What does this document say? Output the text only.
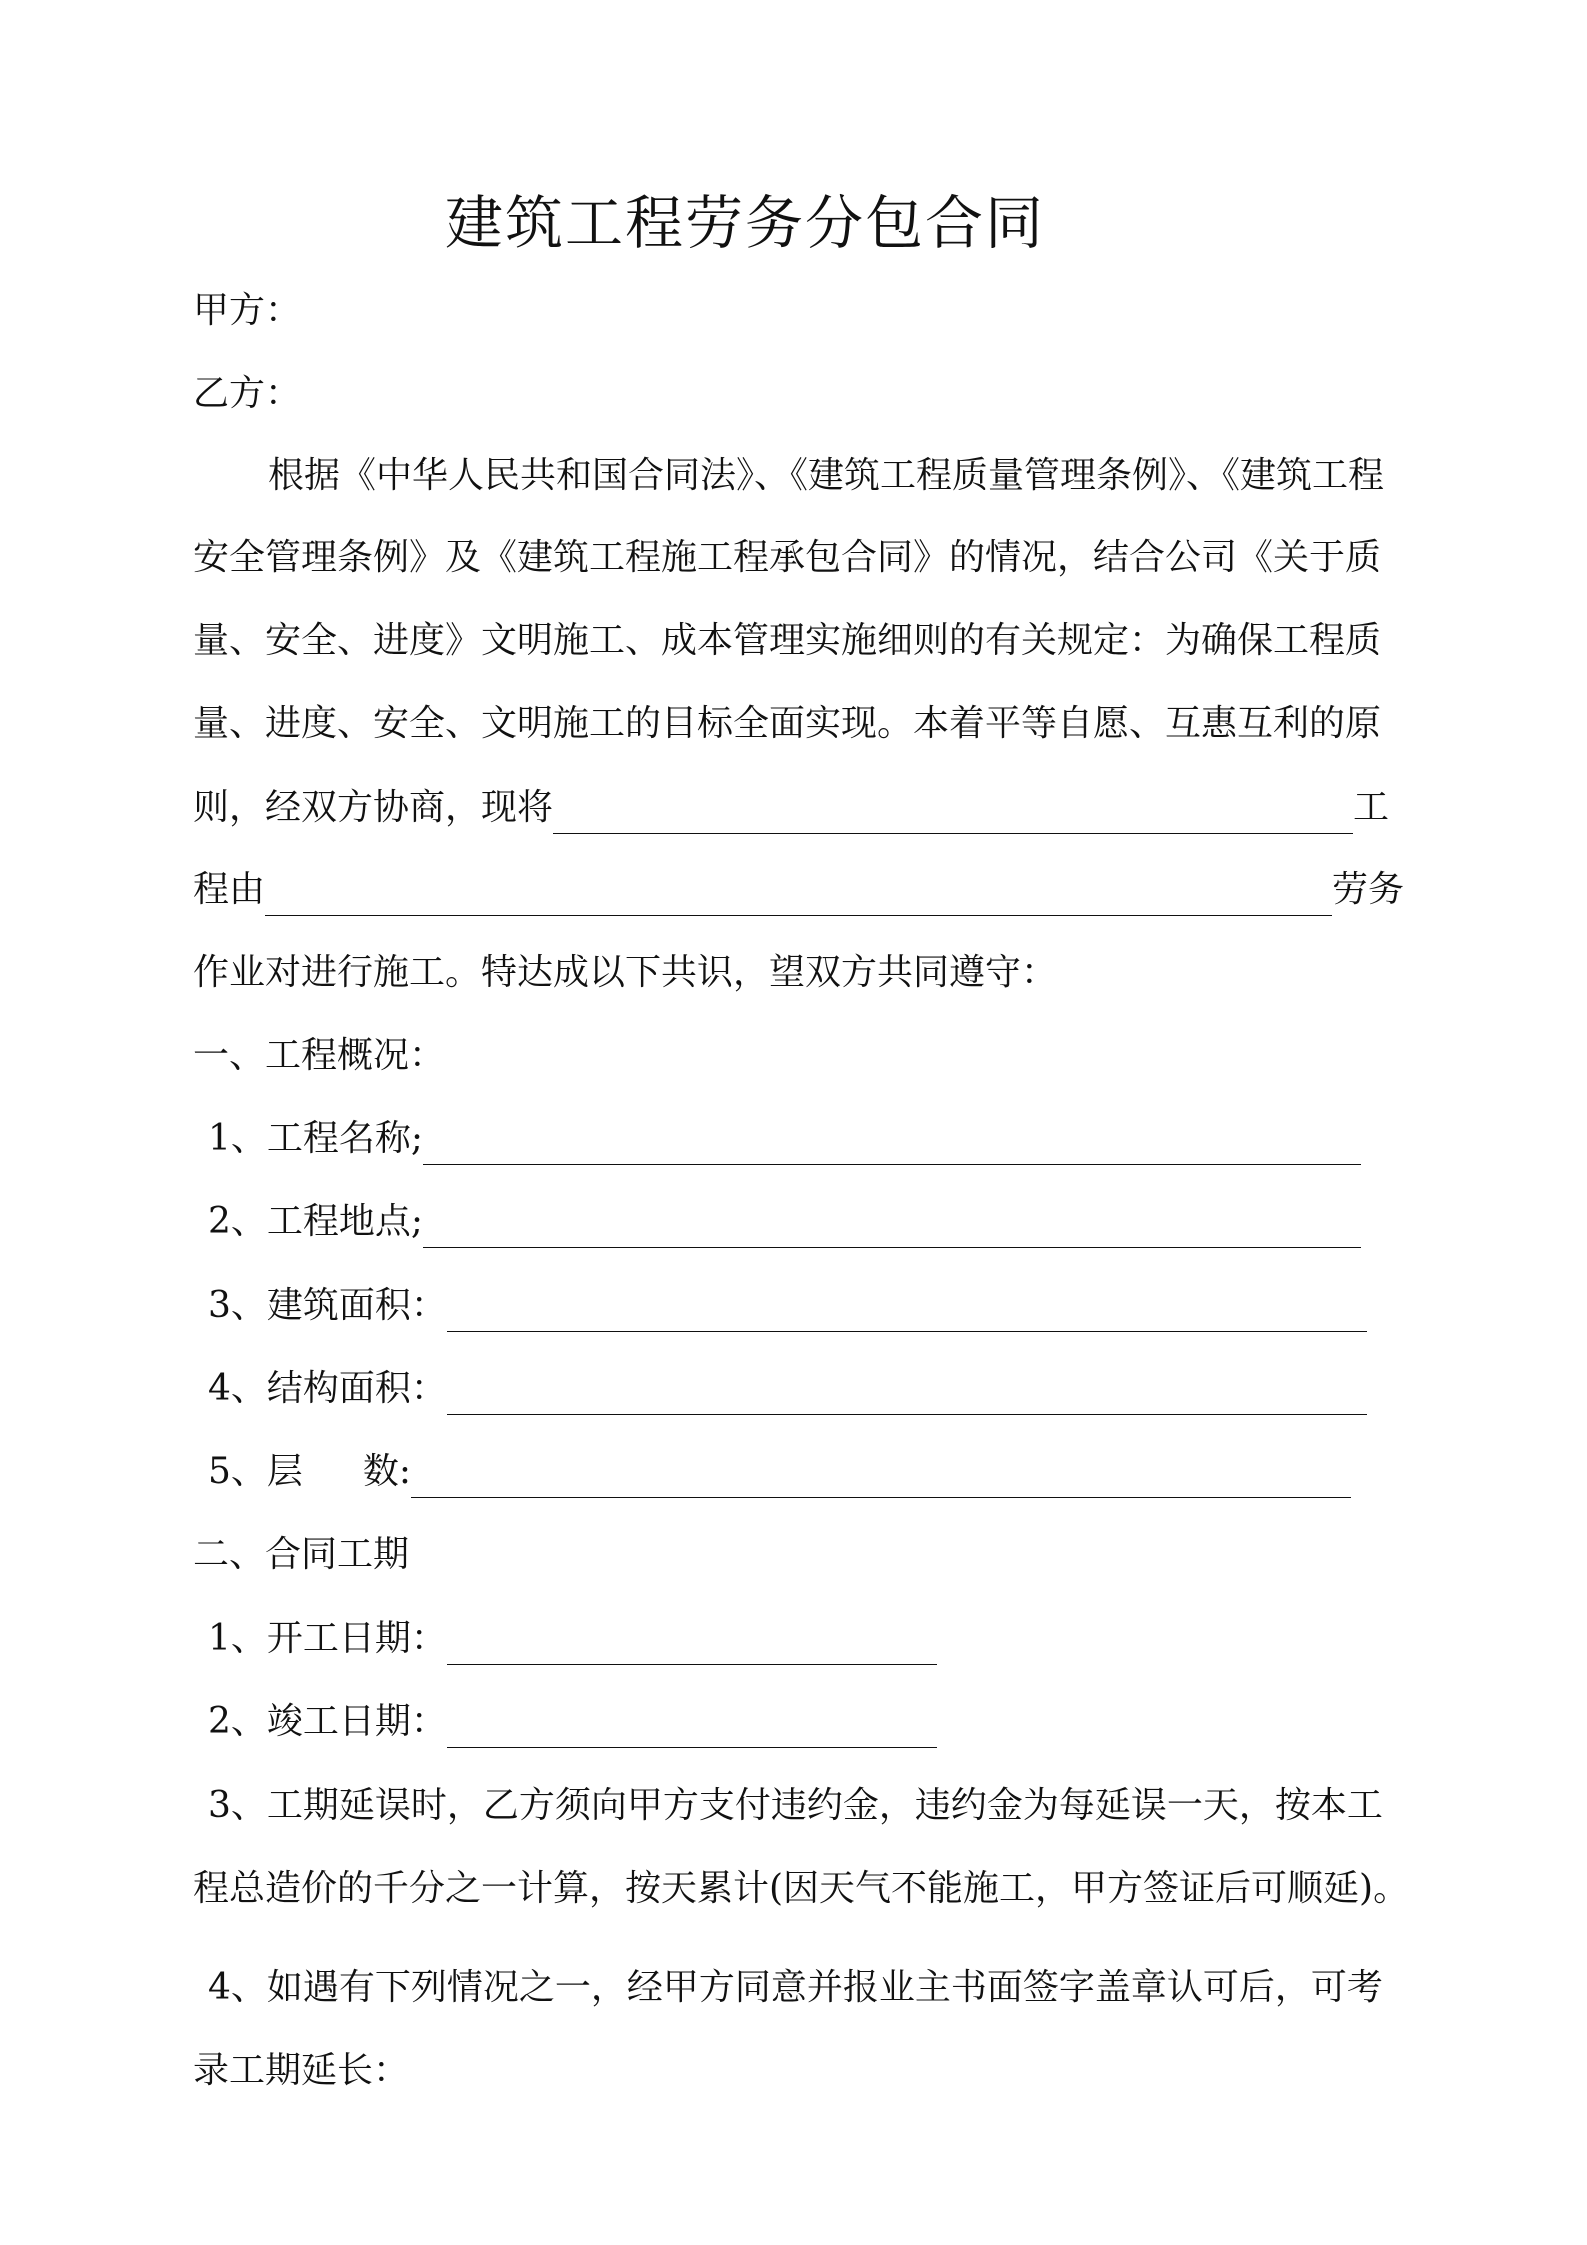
建筑工程劳务分包合同
甲方：
乙方：
根据《中华人民共和国合同法》、《建筑工程质量管理条例》、《建筑工程
安全管理条例》及《建筑工程施工程承包合同》的情况，结合公司《关于质
量、安全、进度》文明施工、成本管理实施细则的有关规定：为确保工程质
量、进度、安全、文明施工的目标全面实现。本着平等自愿、互惠互利的原
则，经双方协商，现将	工
程由	劳务
作业对进行施工。特达成以下共识，望双方共同遵守：
一、工程概况：
1、工程名称;
2、工程地点;
3、建筑面积：
4、结构面积：
5、层 数:
二、合同工期
1、开工日期：
2、竣工日期：
3、工期延误时，乙方须向甲方支付违约金，违约金为每延误一天，按本工
程总造价的千分之一计算，按天累计(因天气不能施工，甲方签证后可顺延)。
4、如遇有下列情况之一，经甲方同意并报业主书面签字盖章认可后，可考
录工期延长：
